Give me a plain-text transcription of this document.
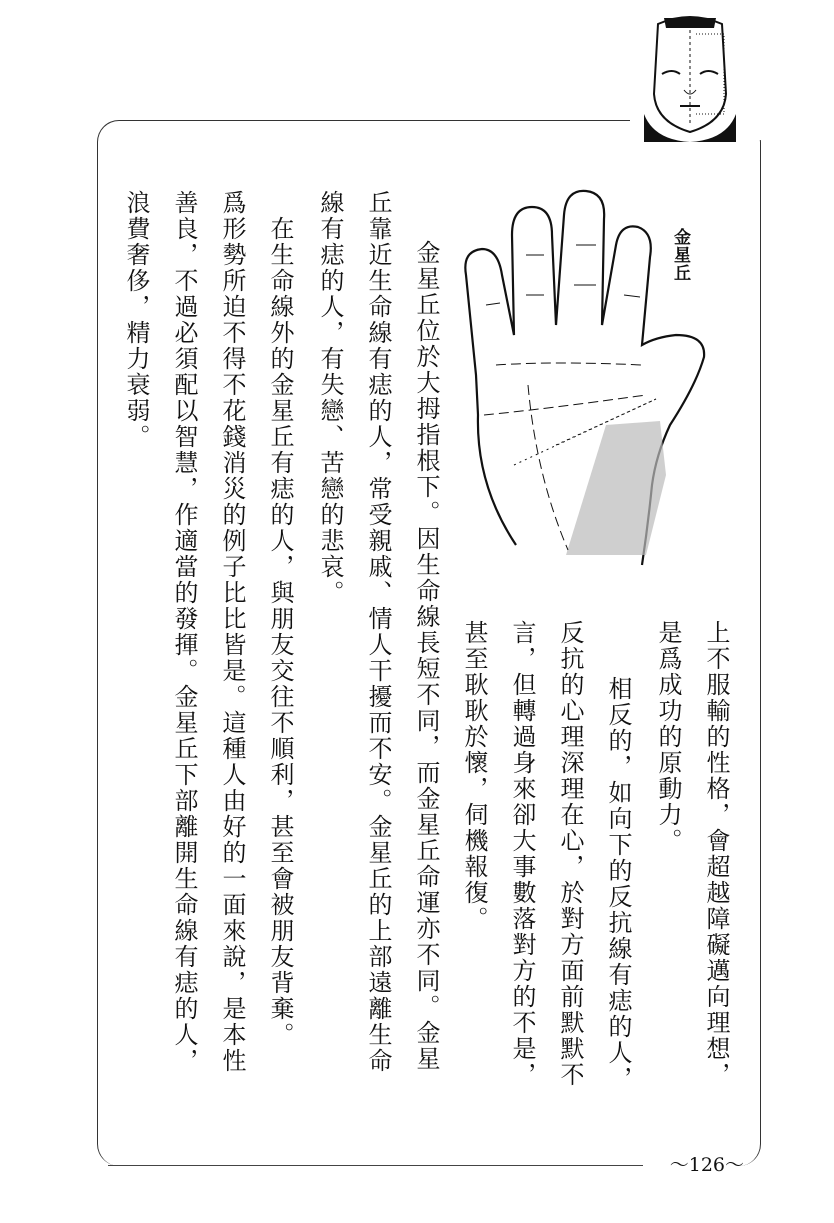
金星丘
金星丘位於大拇指根下。因生命線長短不同，而金星丘命運亦不同。金星
丘靠近生命線有痣的人，常受親戚、情人干擾而不安。金星丘的上部遠離生命
線有痣的人，有失戀、苦戀的悲哀。
　在生命線外的金星丘有痣的人，與朋友交往不順利，甚至會被朋友背棄。
爲形勢所迫不得不花錢消災的例子比比皆是。這種人由好的一面來說，是本性
善良，不過必須配以智慧，作適當的發揮。金星丘下部離開生命線有痣的人，
浪費奢侈，精力衰弱。
上不服輸的性格，會超越障礙邁向理想，
是爲成功的原動力。
　相反的，如向下的反抗線有痣的人，
反抗的心理深理在心，於對方面前默默不
言，但轉過身來卻大事數落對方的不是，
甚至耿耿於懷，伺機報復。
～126～
